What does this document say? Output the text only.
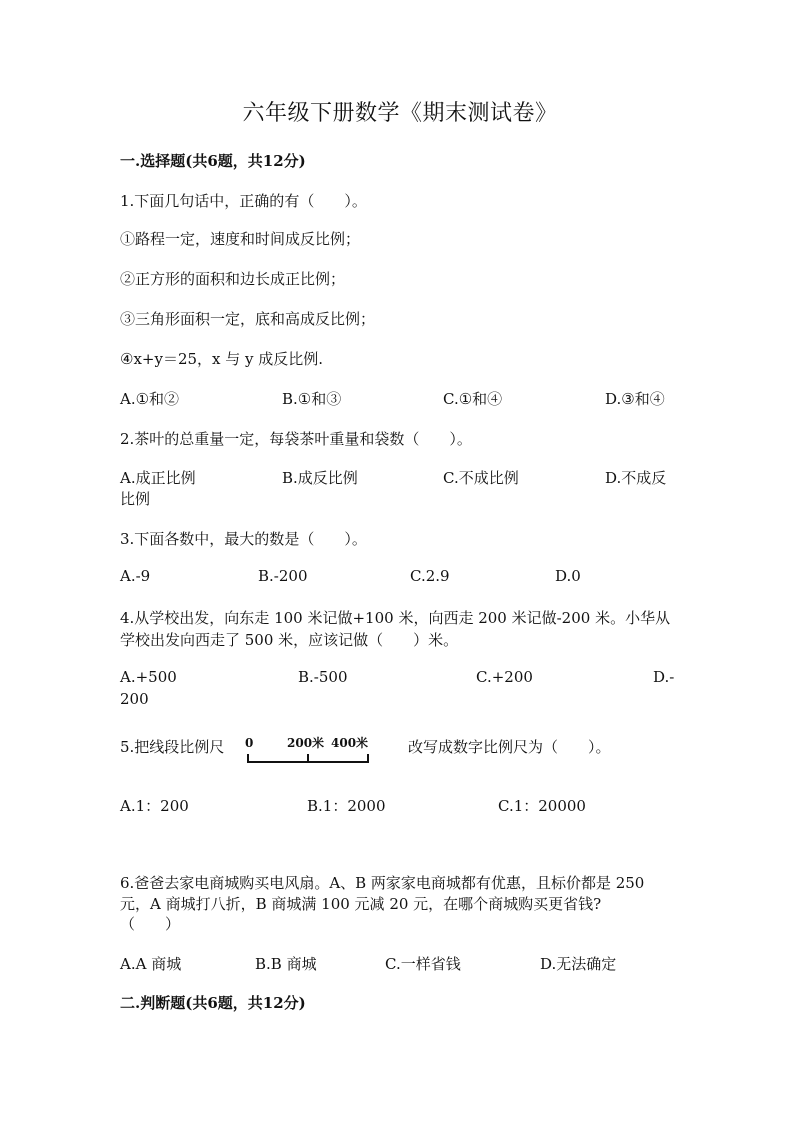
六年级下册数学《期末测试卷》
一.选择题(共6题，共12分)
1.下面几句话中，正确的有（　　）。
①路程一定，速度和时间成反比例；
②正方形的面积和边长成正比例；
③三角形面积一定，底和高成反比例；
④x+y＝25，x 与 y 成反比例.
A.①和②	B.①和③	C.①和④	D.③和④
2.茶叶的总重量一定，每袋茶叶重量和袋数（　　）。
A.成正比例	B.成反比例	C.不成比例	D.不成反
比例
3.下面各数中，最大的数是（　　）。
A.-9	B.-200	C.2.9	D.0
4.从学校出发，向东走 100 米记做+100 米，向西走 200 米记做-200 米。小华从
学校出发向西走了 500 米，应该记做（　　）米。
A.+500	B.-500	C.+200	D.-
200
5.把线段比例尺 0	200米 400米	改写成数字比例尺为（　　）。
A.1：200	B.1：2000	C.1：20000
6.爸爸去家电商城购买电风扇。A、B 两家家电商城都有优惠，且标价都是 250
元，A 商城打八折，B 商城满 100 元减 20 元，在哪个商城购买更省钱?
（　　）
A.A 商城	B.B 商城	C.一样省钱	D.无法确定
二.判断题(共6题，共12分)
